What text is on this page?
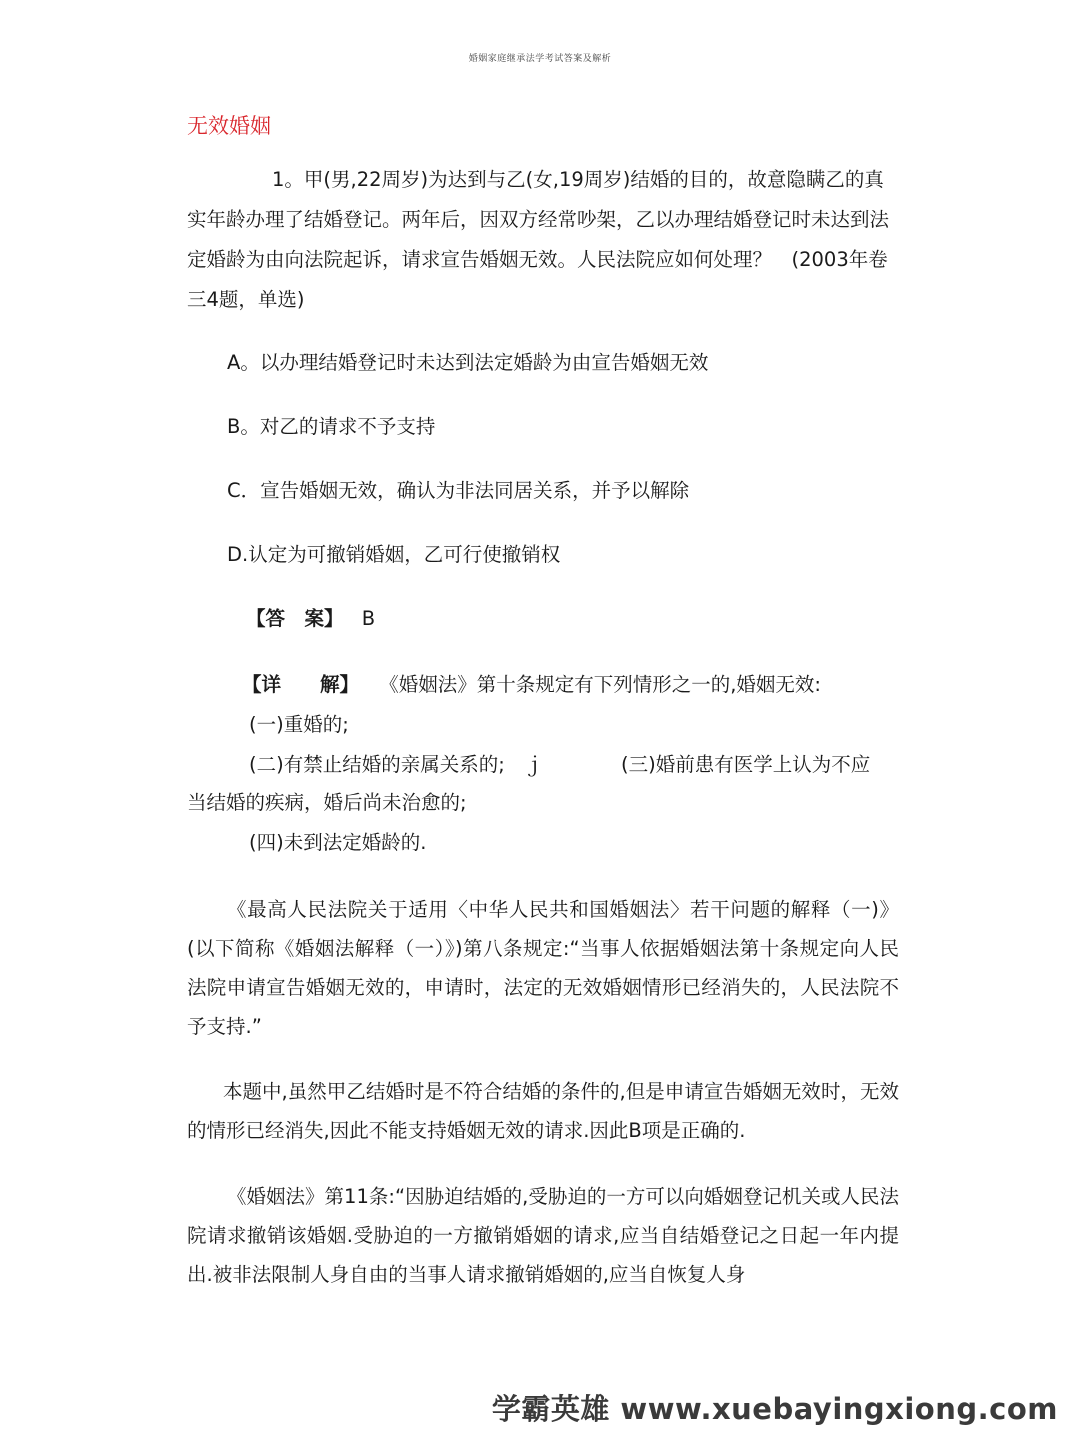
婚姻家庭继承法学考试答案及解析
无效婚姻
1。甲(男,22周岁)为达到与乙(女,19周岁)结婚的目的，故意隐瞒乙的真实年龄办理了结婚登记。两年后，因双方经常吵架，乙以办理结婚登记时未达到法定婚龄为由向法院起诉，请求宣告婚姻无效。人民法院应如何处理？　(2003年卷三4题，单选)
A。以办理结婚登记时未达到法定婚龄为由宣告婚姻无效
B。对乙的请求不予支持
C．宣告婚姻无效，确认为非法同居关系，并予以解除
D.认定为可撤销婚姻，乙可行使撤销权
【答　案】 B
【详　　解】 《婚姻法》第十条规定有下列情形之一的,婚姻无效:
(一)重婚的;
(二)有禁止结婚的亲属关系的;　ｊ	(三)婚前患有医学上认为不应
当结婚的疾病，婚后尚未治愈的;
(四)未到法定婚龄的.
《最高人民法院关于适用〈中华人民共和国婚姻法〉若干问题的解释（一)》(以下简称《婚姻法解释（一）》)第八条规定:“当事人依据婚姻法第十条规定向人民法院申请宣告婚姻无效的，申请时，法定的无效婚姻情形已经消失的，人民法院不予支持.”
本题中,虽然甲乙结婚时是不符合结婚的条件的,但是申请宣告婚姻无效时，无效的情形已经消失,因此不能支持婚姻无效的请求.因此B项是正确的.
《婚姻法》第11条:“因胁迫结婚的,受胁迫的一方可以向婚姻登记机关或人民法院请求撤销该婚姻.受胁迫的一方撤销婚姻的请求,应当自结婚登记之日起一年内提出.被非法限制人身自由的当事人请求撤销婚姻的,应当自恢复人身
学霸英雄 www.xuebayingxiong.com
